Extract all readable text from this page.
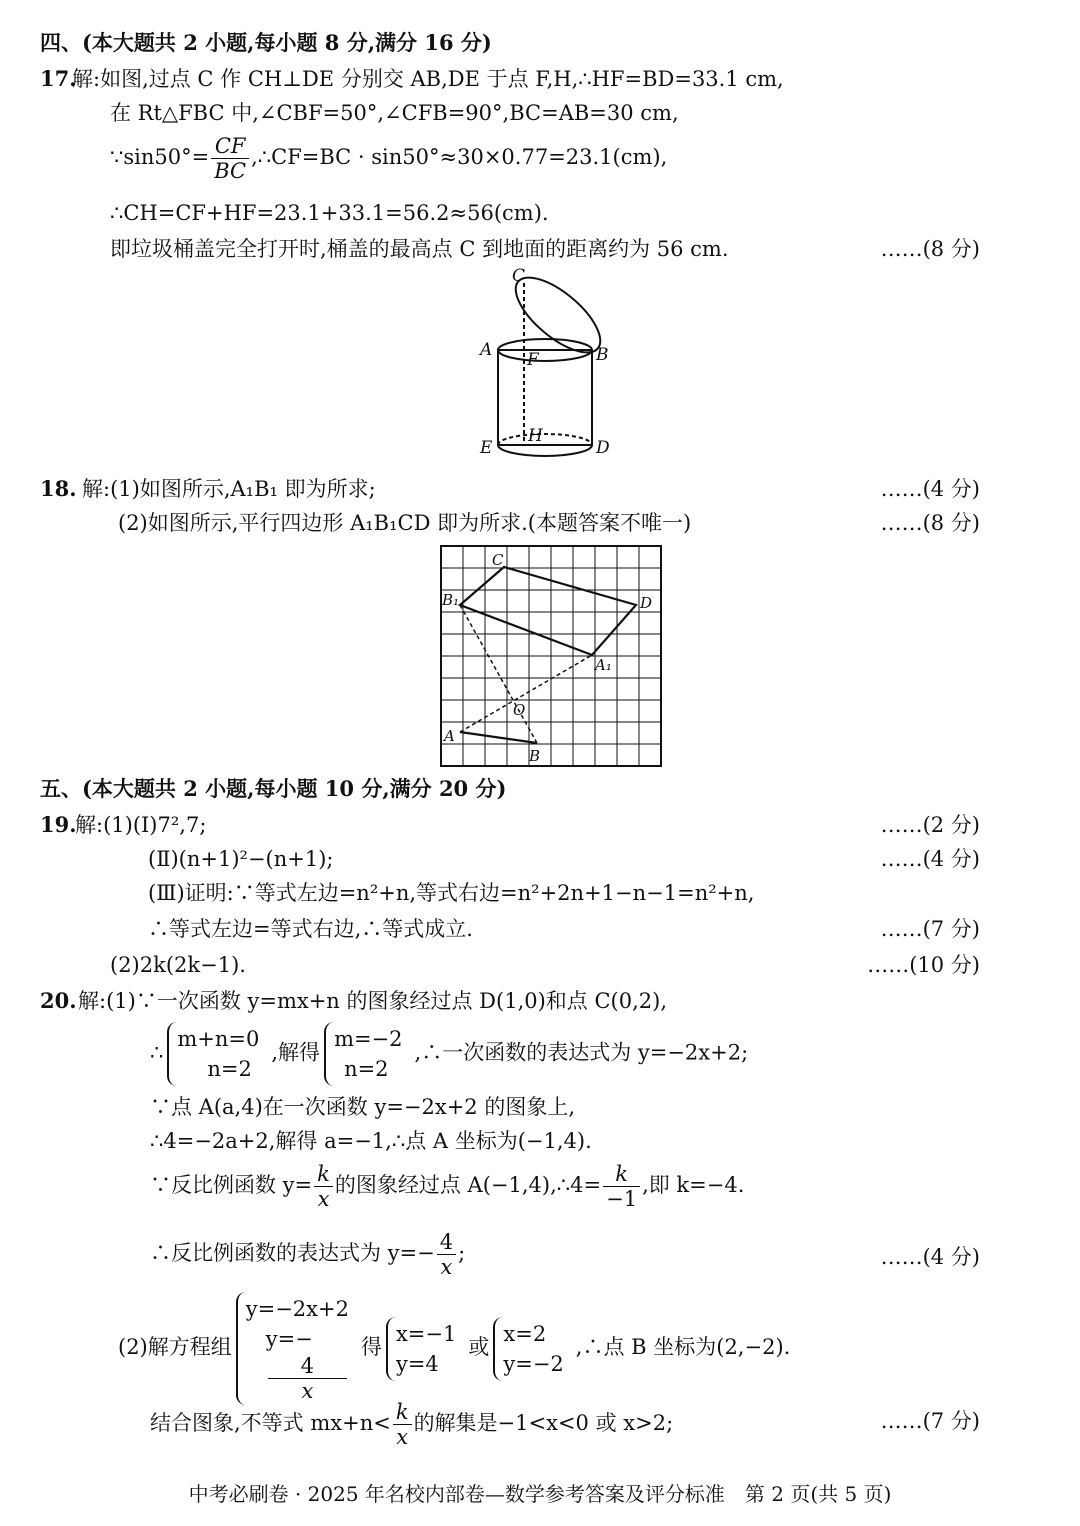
四、(本大题共 2 小题,每小题 8 分,满分 16 分)
17.
解:如图,过点 C 作 CH⊥DE 分别交 AB,DE 于点 F,H,∴HF=BD=33.1 cm,
在 Rt△FBC 中,∠CBF=50°,∠CFB=90°,BC=AB=30 cm,
∵sin50°= $\frac{CF}{BC}$ ,∴CF=BC · sin50°≈30×0.77=23.1(cm),
∴CH=CF+HF=23.1+33.1=56.2≈56(cm).
即垃圾桶盖完全打开时,桶盖的最高点 C 到地面的距离约为 56 cm.	……(8 分)
C
A F	B
E
H
D
18. 解:(1)如图所示,A₁B₁ 即为所求;	……(4 分)
(2)如图所示,平行四边形 A₁B₁CD 即为所求.(本题答案不唯一)	……(8 分)
C
B₁	D
A₁
O
A
B
五、(本大题共 2 小题,每小题 10 分,满分 20 分)
19.
解:(1)(Ⅰ)7²,7;	……(2 分)
(Ⅱ)(n+1)²−(n+1);	……(4 分)
(Ⅲ)证明:∵等式左边=n²+n,等式右边=n²+2n+1−n−1=n²+n,
∴等式左边=等式右边,∴等式成立.	……(7 分)
(2)2k(2k−1).	……(10 分)
20. 解:(1)∵一次函数 y=mx+n 的图象经过点 D(1,0)和点 C(0,2),
∴
m+n=0
n=2
,解得
m=−2
n=2
,∴一次函数的表达式为 y=−2x+2;
∵点 A(a,4)在一次函数 y=−2x+2 的图象上,
∴4=−2a+2,解得 a=−1,∴点 A 坐标为(−1,4).
∵反比例函数 $y= \frac{k}{x}$ 的图象经过点 A(−1,4),∴4= $\frac{k}{-1}$ ,即 k=−4.
∴反比例函数的表达式为 $y=- \frac{4}{x}$ ;	……(4 分)
(2)解方程组
y=−2x+2
y=−
4
x
得
x=−1
y=4
或
x=2
y=−2
,∴点 B 坐标为(2,−2).
结合图象,不等式 $mx+n< \frac{k}{x}$ 的解集是−1<x<0 或 x>2;	……(7 分)
中考必刷卷 · 2025 年名校内部卷—数学参考答案及评分标准　第 2 页(共 5 页)
